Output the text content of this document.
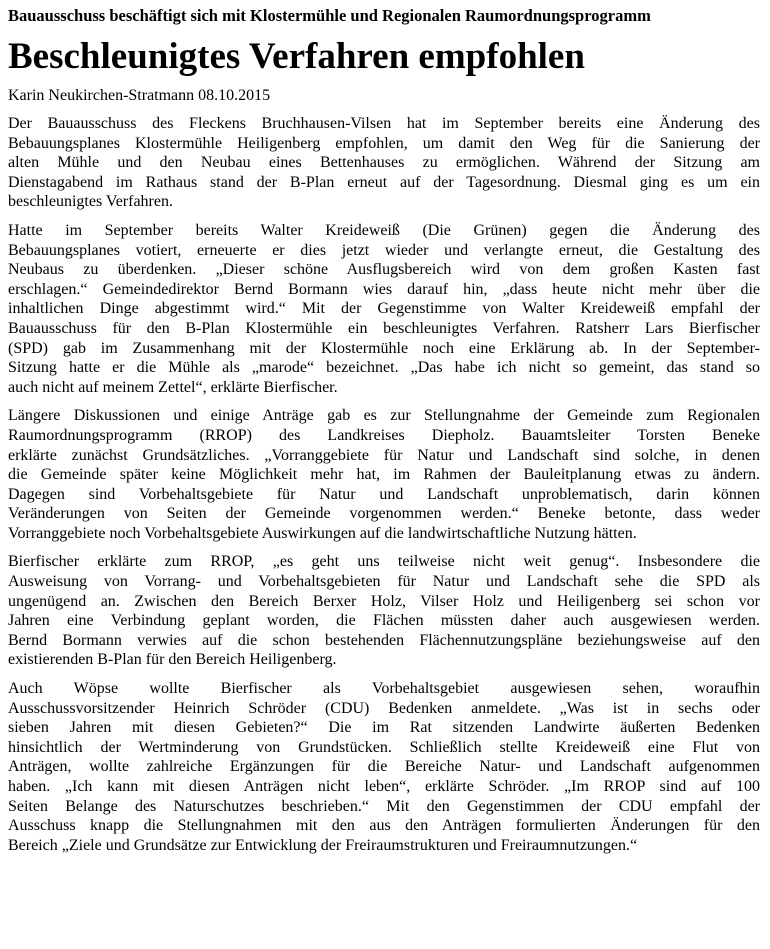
Bauausschuss beschäftigt sich mit Klostermühle und Regionalen Raumordnungsprogramm
Beschleunigtes Verfahren empfohlen
Karin Neukirchen-Stratmann 08.10.2015
Der Bauausschuss des Fleckens Bruchhausen-Vilsen hat im September bereits eine Änderung des
Bebauungsplanes Klostermühle Heiligenberg empfohlen, um damit den Weg für die Sanierung der
alten Mühle und den Neubau eines Bettenhauses zu ermöglichen. Während der Sitzung am
Dienstagabend im Rathaus stand der B-Plan erneut auf der Tagesordnung. Diesmal ging es um ein
beschleunigtes Verfahren.
Hatte im September bereits Walter Kreideweiß (Die Grünen) gegen die Änderung des
Bebauungsplanes votiert, erneuerte er dies jetzt wieder und verlangte erneut, die Gestaltung des
Neubaus zu überdenken. „Dieser schöne Ausflugsbereich wird von dem großen Kasten fast
erschlagen.“ Gemeindedirektor Bernd Bormann wies darauf hin, „dass heute nicht mehr über die
inhaltlichen Dinge abgestimmt wird.“ Mit der Gegenstimme von Walter Kreideweiß empfahl der
Bauausschuss für den B-Plan Klostermühle ein beschleunigtes Verfahren. Ratsherr Lars Bierfischer
(SPD) gab im Zusammenhang mit der Klostermühle noch eine Erklärung ab. In der September-
Sitzung hatte er die Mühle als „marode“ bezeichnet. „Das habe ich nicht so gemeint, das stand so
auch nicht auf meinem Zettel“, erklärte Bierfischer.
Längere Diskussionen und einige Anträge gab es zur Stellungnahme der Gemeinde zum Regionalen
Raumordnungsprogramm (RROP) des Landkreises Diepholz. Bauamtsleiter Torsten Beneke
erklärte zunächst Grundsätzliches. „Vorranggebiete für Natur und Landschaft sind solche, in denen
die Gemeinde später keine Möglichkeit mehr hat, im Rahmen der Bauleitplanung etwas zu ändern.
Dagegen sind Vorbehaltsgebiete für Natur und Landschaft unproblematisch, darin können
Veränderungen von Seiten der Gemeinde vorgenommen werden.“ Beneke betonte, dass weder
Vorranggebiete noch Vorbehaltsgebiete Auswirkungen auf die landwirtschaftliche Nutzung hätten.
Bierfischer erklärte zum RROP, „es geht uns teilweise nicht weit genug“. Insbesondere die
Ausweisung von Vorrang- und Vorbehaltsgebieten für Natur und Landschaft sehe die SPD als
ungenügend an. Zwischen den Bereich Berxer Holz, Vilser Holz und Heiligenberg sei schon vor
Jahren eine Verbindung geplant worden, die Flächen müssten daher auch ausgewiesen werden.
Bernd Bormann verwies auf die schon bestehenden Flächennutzungspläne beziehungsweise auf den
existierenden B-Plan für den Bereich Heiligenberg.
Auch Wöpse wollte Bierfischer als Vorbehaltsgebiet ausgewiesen sehen, woraufhin
Ausschussvorsitzender Heinrich Schröder (CDU) Bedenken anmeldete. „Was ist in sechs oder
sieben Jahren mit diesen Gebieten?“ Die im Rat sitzenden Landwirte äußerten Bedenken
hinsichtlich der Wertminderung von Grundstücken. Schließlich stellte Kreideweiß eine Flut von
Anträgen, wollte zahlreiche Ergänzungen für die Bereiche Natur- und Landschaft aufgenommen
haben. „Ich kann mit diesen Anträgen nicht leben“, erklärte Schröder. „Im RROP sind auf 100
Seiten Belange des Naturschutzes beschrieben.“ Mit den Gegenstimmen der CDU empfahl der
Ausschuss knapp die Stellungnahmen mit den aus den Anträgen formulierten Änderungen für den
Bereich „Ziele und Grundsätze zur Entwicklung der Freiraumstrukturen und Freiraumnutzungen.“
